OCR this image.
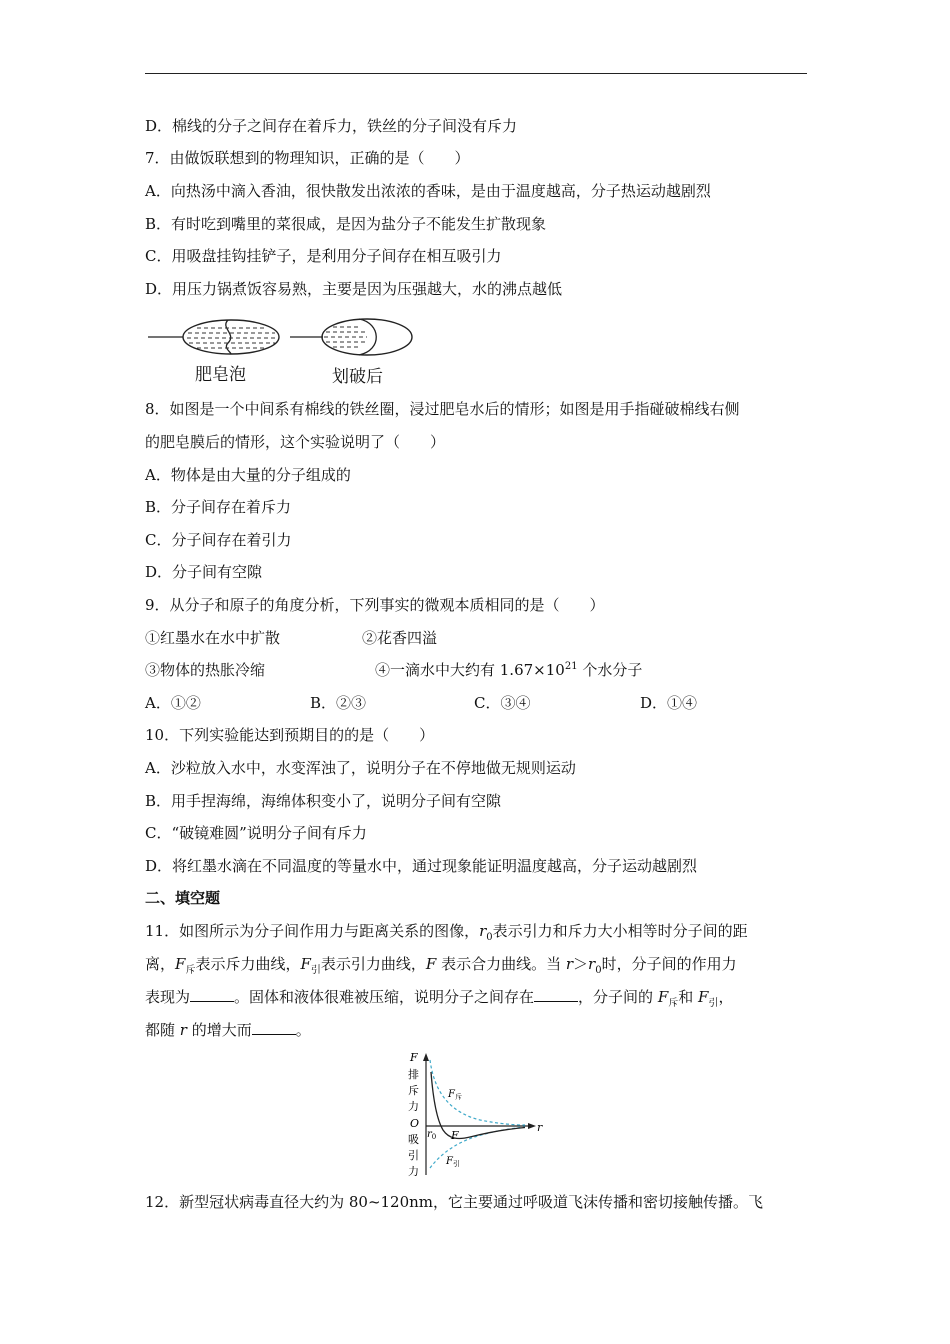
D．棉线的分子之间存在着斥力，铁丝的分子间没有斥力
7．由做饭联想到的物理知识，正确的是（　　）
A．向热汤中滴入香油，很快散发出浓浓的香味，是由于温度越高，分子热运动越剧烈
B．有时吃到嘴里的菜很咸，是因为盐分子不能发生扩散现象
C．用吸盘挂钩挂铲子，是利用分子间存在相互吸引力
D．用压力锅煮饭容易熟，主要是因为压强越大，水的沸点越低
肥皂泡	划破后
8．如图是一个中间系有棉线的铁丝圈，浸过肥皂水后的情形；如图是用手指碰破棉线右侧
的肥皂膜后的情形，这个实验说明了（　　）
A．物体是由大量的分子组成的
B．分子间存在着斥力
C．分子间存在着引力
D．分子间有空隙
9．从分子和原子的角度分析，下列事实的微观本质相同的是（　　）
①红墨水在水中扩散	②花香四溢
③物体的热胀冷缩	④一滴水中大约有 $1.67\times 10^{21}$ 个水分子
A．①②	B．②③	C．③④	D．①④
10．下列实验能达到预期目的的是（　　）
A．沙粒放入水中，水变浑浊了，说明分子在不停地做无规则运动
B．用手捏海绵，海绵体积变小了，说明分子间有空隙
C．“破镜难圆”说明分子间有斥力
D．将红墨水滴在不同温度的等量水中，通过现象能证明温度越高，分子运动越剧烈
二、填空题
11．如图所示为分子间作用力与距离关系的图像，$r_0$表示引力和斥力大小相等时分子间的距
离，$F_斥$表示斥力曲线，$F_引$表示引力曲线，F 表示合力曲线。当 $r>r_0$时，分子间的作用力
表现为	。固体和液体很难被压缩，说明分子之间存在	，分子间的 $F_斥$和 $F_引$，
都随 r 的增大而	。
F
排
斥
力
O
吸
引
力
r
$r_0$ F
$F_斥$
$F_引$
12．新型冠状病毒直径大约为 80~120nm，它主要通过呼吸道飞沫传播和密切接触传播。飞
